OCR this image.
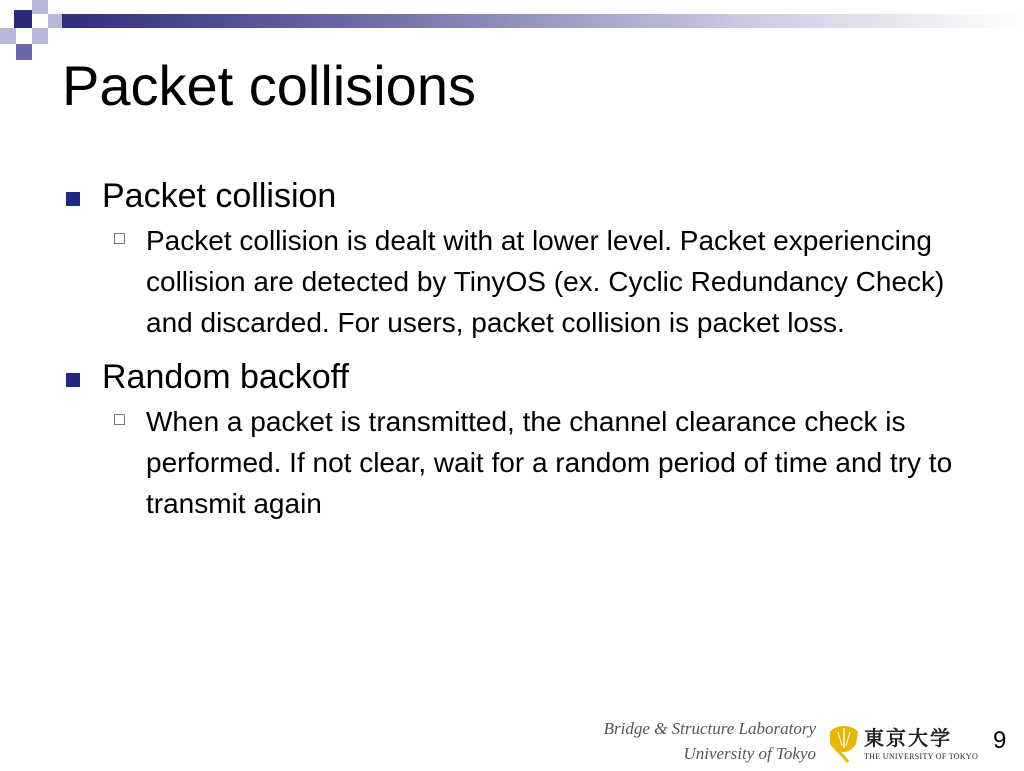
Packet collisions

Packet collision

□ Packet collision is dealt with at lower level. Packet experiencing collision are detected by TinyOS (ex. Cyclic Redundancy Check) and discarded. For users, packet collision is packet loss.

Random backoff

□ When a packet is transmitted, the channel clearance check is performed. If not clear, wait for a random period of time and try to transmit again

Bridge & Structure Laboratory
University of Tokyo
東京大学
THE UNIVERSITY OF TOKYO
9
